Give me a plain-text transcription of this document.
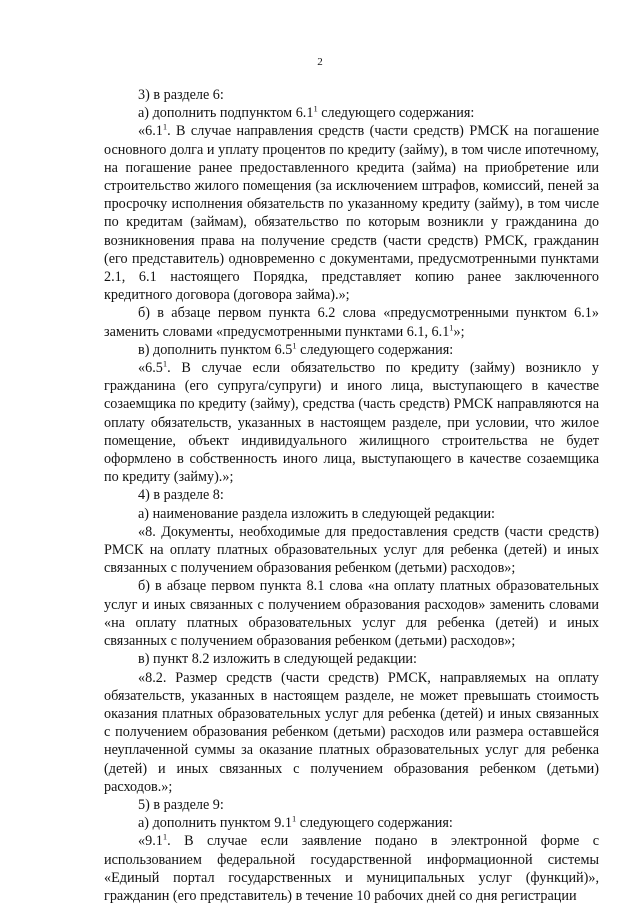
2

3) в разделе 6:

а) дополнить подпунктом $6.1^1$ следующего содержания:

«$6.1^1$. В случае направления средств (части средств) РМСК на погашение основного долга и уплату процентов по кредиту (займу), в том числе ипотечному, на погашение ранее предоставленного кредита (займа) на приобретение или строительство жилого помещения (за исключением штрафов, комиссий, пеней за просрочку исполнения обязательств по указанному кредиту (займу), в том числе по кредитам (займам), обязательство по которым возникли у гражданина до возникновения права на получение средств (части средств) РМСК, гражданин (его представитель) одновременно с документами, предусмотренными пунктами 2.1, 6.1 настоящего Порядка, представляет копию ранее заключенного кредитного договора (договора займа).»;

б) в абзаце первом пункта 6.2 слова «предусмотренными пунктом 6.1» заменить словами «предусмотренными пунктами 6.1, $6.1^1$»;

в) дополнить пунктом $6.5^1$ следующего содержания:

«$6.5^1$. В случае если обязательство по кредиту (займу) возникло у гражданина (его супруга/супруги) и иного лица, выступающего в качестве созаемщика по кредиту (займу), средства (часть средств) РМСК направляются на оплату обязательств, указанных в настоящем разделе, при условии, что жилое помещение, объект индивидуального жилищного строительства не будет оформлено в собственность иного лица, выступающего в качестве созаемщика по кредиту (займу).»;

4) в разделе 8:

а) наименование раздела изложить в следующей редакции:

«8. Документы, необходимые для предоставления средств (части средств) РМСК на оплату платных образовательных услуг для ребенка (детей) и иных связанных с получением образования ребенком (детьми) расходов»;

б) в абзаце первом пункта 8.1 слова «на оплату платных образовательных услуг и иных связанных с получением образования расходов» заменить словами «на оплату платных образовательных услуг для ребенка (детей) и иных связанных с получением образования ребенком (детьми) расходов»;

в) пункт 8.2 изложить в следующей редакции:

«8.2. Размер средств (части средств) РМСК, направляемых на оплату обязательств, указанных в настоящем разделе, не может превышать стоимость оказания платных образовательных услуг для ребенка (детей) и иных связанных с получением образования ребенком (детьми) расходов или размера оставшейся неуплаченной суммы за оказание платных образовательных услуг для ребенка (детей) и иных связанных с получением образования ребенком (детьми) расходов.»;

5) в разделе 9:

а) дополнить пунктом $9.1^1$ следующего содержания:

«$9.1^1$. В случае если заявление подано в электронной форме с использованием федеральной государственной информационной системы «Единый портал государственных и муниципальных услуг (функций)», гражданин (его представитель) в течение 10 рабочих дней со дня регистрации
